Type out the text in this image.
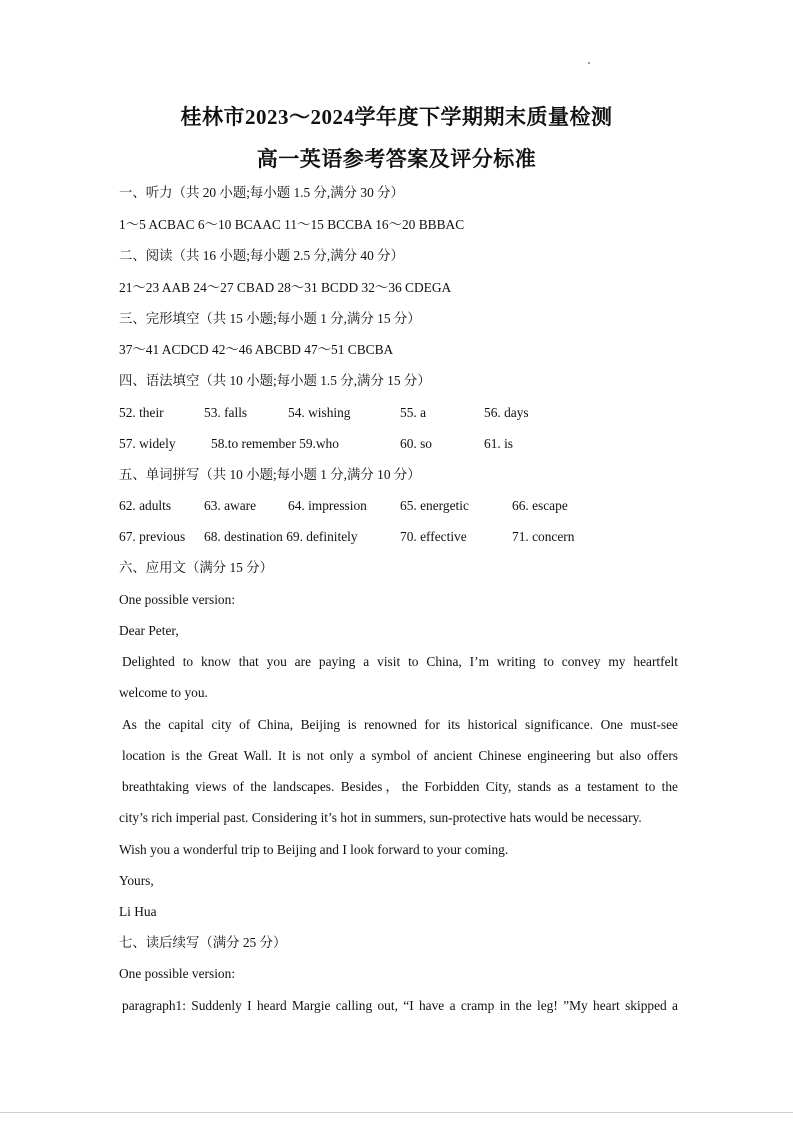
桂林市2023～2024学年度下学期期末质量检测
高一英语参考答案及评分标准
一、听力（共 20 小题;每小题 1.5 分,满分 30 分）
1～5 ACBAC 6～10 BCAAC 11～15 BCCBA 16～20 BBBAC
二、阅读（共 16 小题;每小题 2.5 分,满分 40 分）
21～23 AAB 24～27 CBAD 28～31 BCDD 32～36 CDEGA
三、完形填空（共 15 小题;每小题 1 分,满分 15 分）
37～41 ACDCD 42～46 ABCBD 47～51 CBCBA
四、语法填空（共 10 小题;每小题 1.5 分,满分 15 分）
52. their	53. falls	54. wishing	55. a	56. days
57. widely	58.to remember 59.who	60. so	61. is
五、单词拼写（共 10 小题;每小题 1 分,满分 10 分）
62. adults 63. aware 64. impression 65. energetic	66. escape
67. previous 68. destination 69. definitely	70. effective	71. concern
六、应用文（满分 15 分）
One possible version:
Dear Peter,
Delighted to know that you are paying a visit to China, I’m writing to convey my heartfelt
welcome to you.
As the capital city of China, Beijing is renowned for its historical significance. One must-see
location is the Great Wall. It is not only a symbol of ancient Chinese engineering but also offers
breathtaking views of the landscapes. Besides，the Forbidden City, stands as a testament to the
city’s rich imperial past. Considering it’s hot in summers, sun-protective hats would be necessary.
Wish you a wonderful trip to Beijing and I look forward to your coming.
Yours,
Li Hua
七、读后续写（满分 25 分）
One possible version:
paragraph1: Suddenly I heard Margie calling out, “I have a cramp in the leg! ”My heart skipped a
